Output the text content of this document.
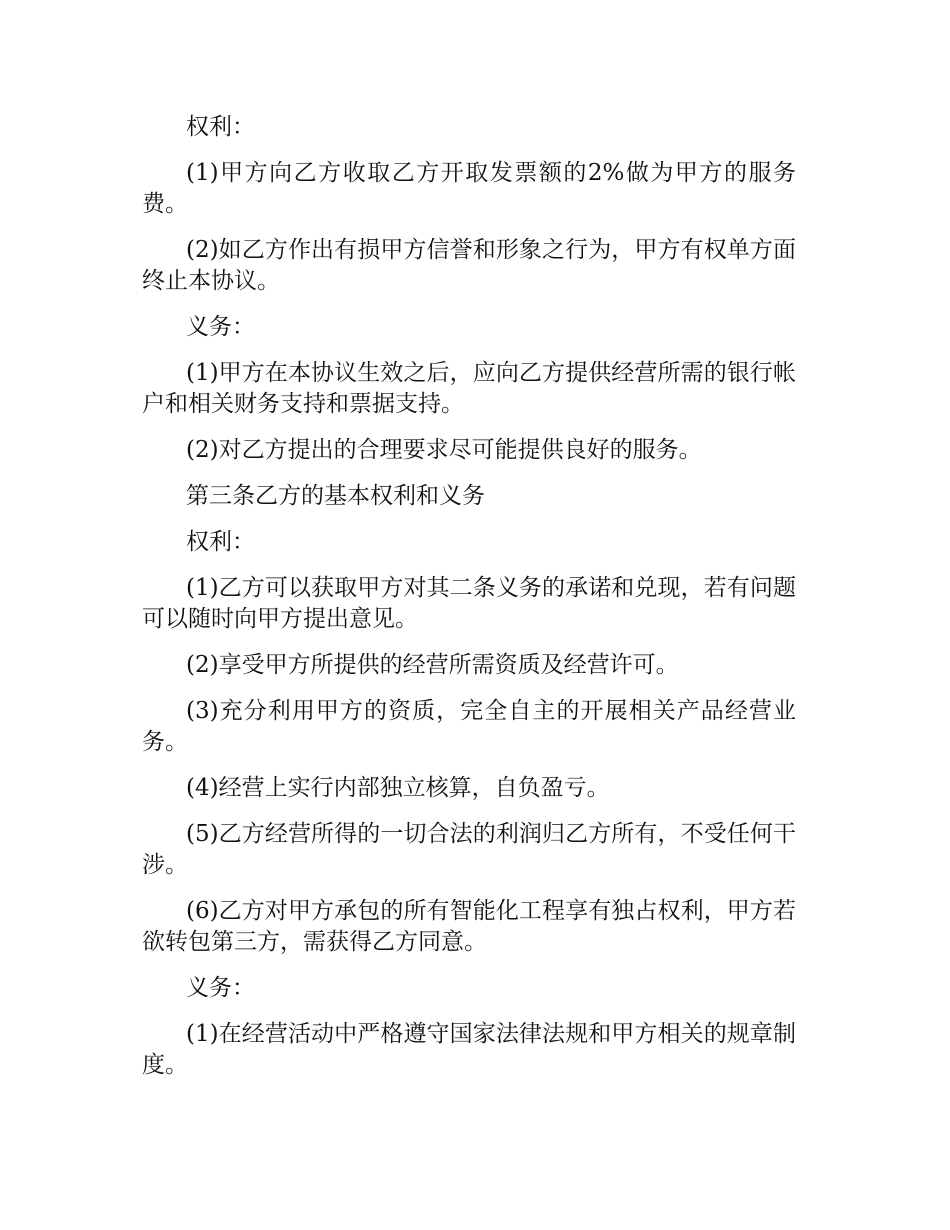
权利：

(1)甲方向乙方收取乙方开取发票额的2%做为甲方的服务费。

(2)如乙方作出有损甲方信誉和形象之行为，甲方有权单方面终止本协议。

义务：

(1)甲方在本协议生效之后，应向乙方提供经营所需的银行帐户和相关财务支持和票据支持。

(2)对乙方提出的合理要求尽可能提供良好的服务。

第三条乙方的基本权利和义务

权利：

(1)乙方可以获取甲方对其二条义务的承诺和兑现，若有问题可以随时向甲方提出意见。

(2)享受甲方所提供的经营所需资质及经营许可。

(3)充分利用甲方的资质，完全自主的开展相关产品经营业务。

(4)经营上实行内部独立核算，自负盈亏。

(5)乙方经营所得的一切合法的利润归乙方所有，不受任何干涉。

(6)乙方对甲方承包的所有智能化工程享有独占权利，甲方若欲转包第三方，需获得乙方同意。

义务：

(1)在经营活动中严格遵守国家法律法规和甲方相关的规章制度。
